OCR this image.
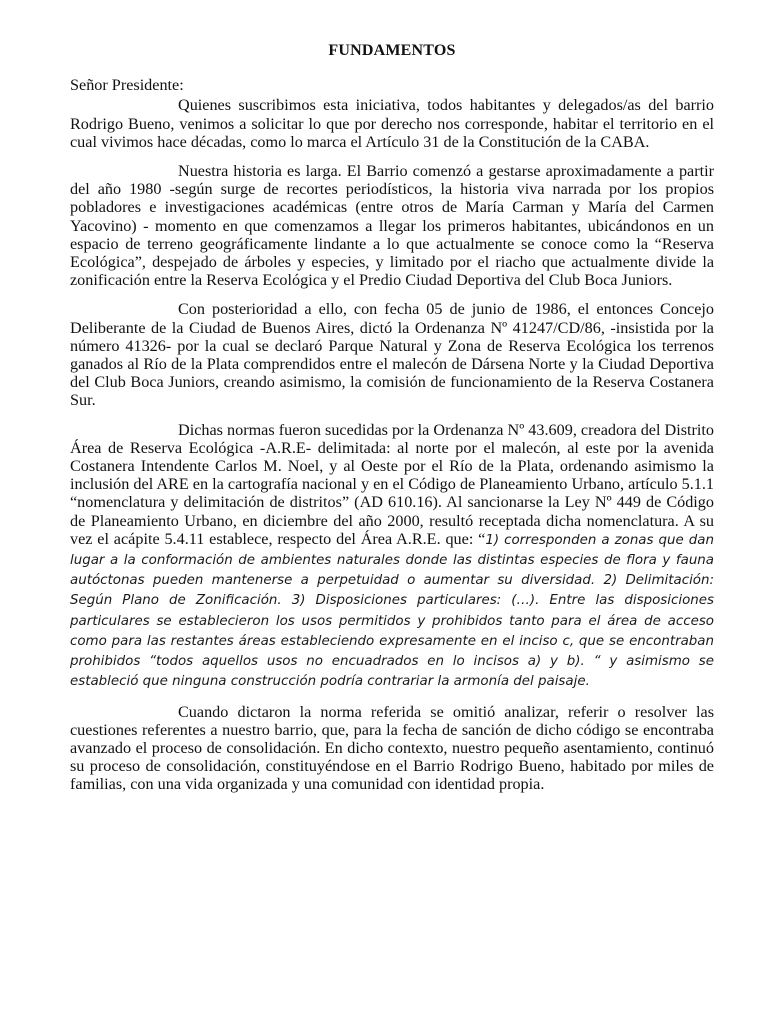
FUNDAMENTOS
Señor Presidente:

Quienes suscribimos esta iniciativa, todos habitantes y delegados/as del barrio Rodrigo Bueno, venimos a solicitar lo que por derecho nos corresponde, habitar el territorio en el cual vivimos hace décadas, como lo marca el Artículo 31 de la Constitución de la CABA.

Nuestra historia es larga. El Barrio comenzó a gestarse aproximadamente a partir del año 1980 -según surge de recortes periodísticos, la historia viva narrada por los propios pobladores e investigaciones académicas (entre otros de María Carman y María del Carmen Yacovino) - momento en que comenzamos a llegar los primeros habitantes, ubicándonos en un espacio de terreno geográficamente lindante a lo que actualmente se conoce como la “Reserva Ecológica”, despejado de árboles y especies, y limitado por el riacho que actualmente divide la zonificación entre la Reserva Ecológica y el Predio Ciudad Deportiva del Club Boca Juniors.

Con posterioridad a ello, con fecha 05 de junio de 1986, el entonces Concejo Deliberante de la Ciudad de Buenos Aires, dictó la Ordenanza Nº 41247/CD/86, -insistida por la número 41326- por la cual se declaró Parque Natural y Zona de Reserva Ecológica los terrenos ganados al Río de la Plata comprendidos entre el malecón de Dársena Norte y la Ciudad Deportiva del Club Boca Juniors, creando asimismo, la comisión de funcionamiento de la Reserva Costanera Sur.

Dichas normas fueron sucedidas por la Ordenanza Nº 43.609, creadora del Distrito Área de Reserva Ecológica -A.R.E- delimitada: al norte por el malecón, al este por la avenida Costanera Intendente Carlos M. Noel, y al Oeste por el Río de la Plata, ordenando asimismo la inclusión del ARE en la cartografía nacional y en el Código de Planeamiento Urbano, artículo 5.1.1 “nomenclatura y delimitación de distritos” (AD 610.16). Al sancionarse la Ley Nº 449 de Código de Planeamiento Urbano, en diciembre del año 2000, resultó receptada dicha nomenclatura. A su vez el acápite 5.4.11 establece, respecto del Área A.R.E. que: “1) corresponden a zonas que dan lugar a la conformación de ambientes naturales donde las distintas especies de flora y fauna autóctonas pueden mantenerse a perpetuidad o aumentar su diversidad. 2) Delimitación: Según Plano de Zonificación. 3) Disposiciones particulares: (…). Entre las disposiciones particulares se establecieron los usos permitidos y prohibidos tanto para el área de acceso como para las restantes áreas estableciendo expresamente en el inciso c, que se encontraban prohibidos “todos aquellos usos no encuadrados en lo incisos a) y b). “ y asimismo se estableció que ninguna construcción podría contrariar la armonía del paisaje.

Cuando dictaron la norma referida se omitió analizar, referir o resolver las cuestiones referentes a nuestro barrio, que, para la fecha de sanción de dicho código se encontraba avanzado el proceso de consolidación. En dicho contexto, nuestro pequeño asentamiento, continuó su proceso de consolidación, constituyéndose en el Barrio Rodrigo Bueno, habitado por miles de familias, con una vida organizada y una comunidad con identidad propia.
